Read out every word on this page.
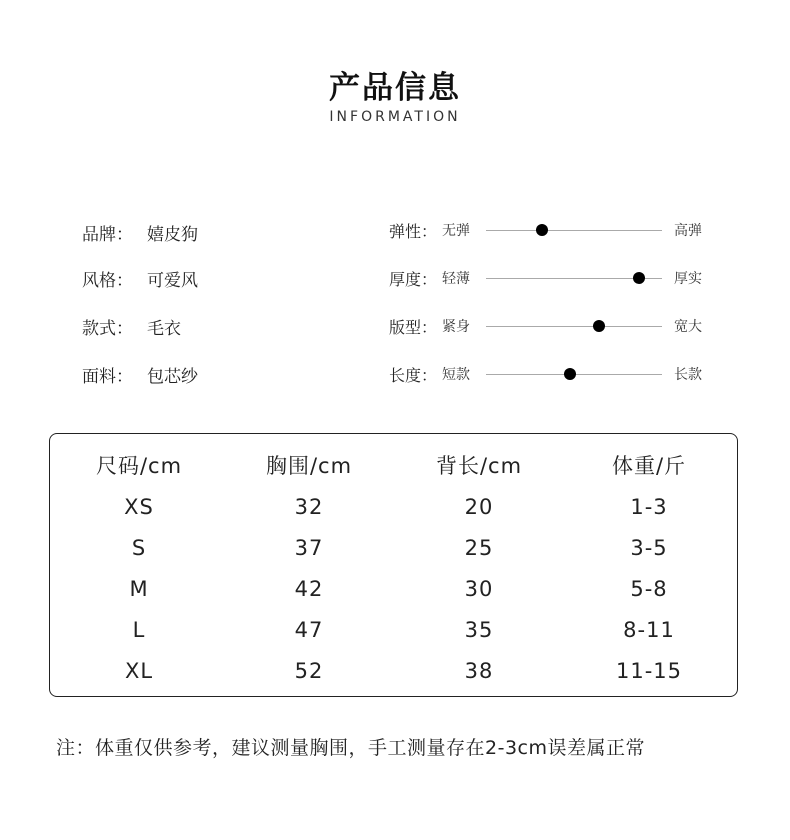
产品信息
INFORMATION
品牌： 嬉皮狗
风格： 可爱风
款式： 毛衣
面料： 包芯纱
弹性： 无弹	高弹
厚度： 轻薄	厚实
版型： 紧身	宽大
长度： 短款	长款
尺码/cm	胸围/cm	背长/cm	体重/斤
XS	32	20	1-3
S	37	25	3-5
M	42	30	5-8
L	47	35	8-11
XL	52	38	11-15
注：体重仅供参考，建议测量胸围，手工测量存在2-3cm误差属正常
